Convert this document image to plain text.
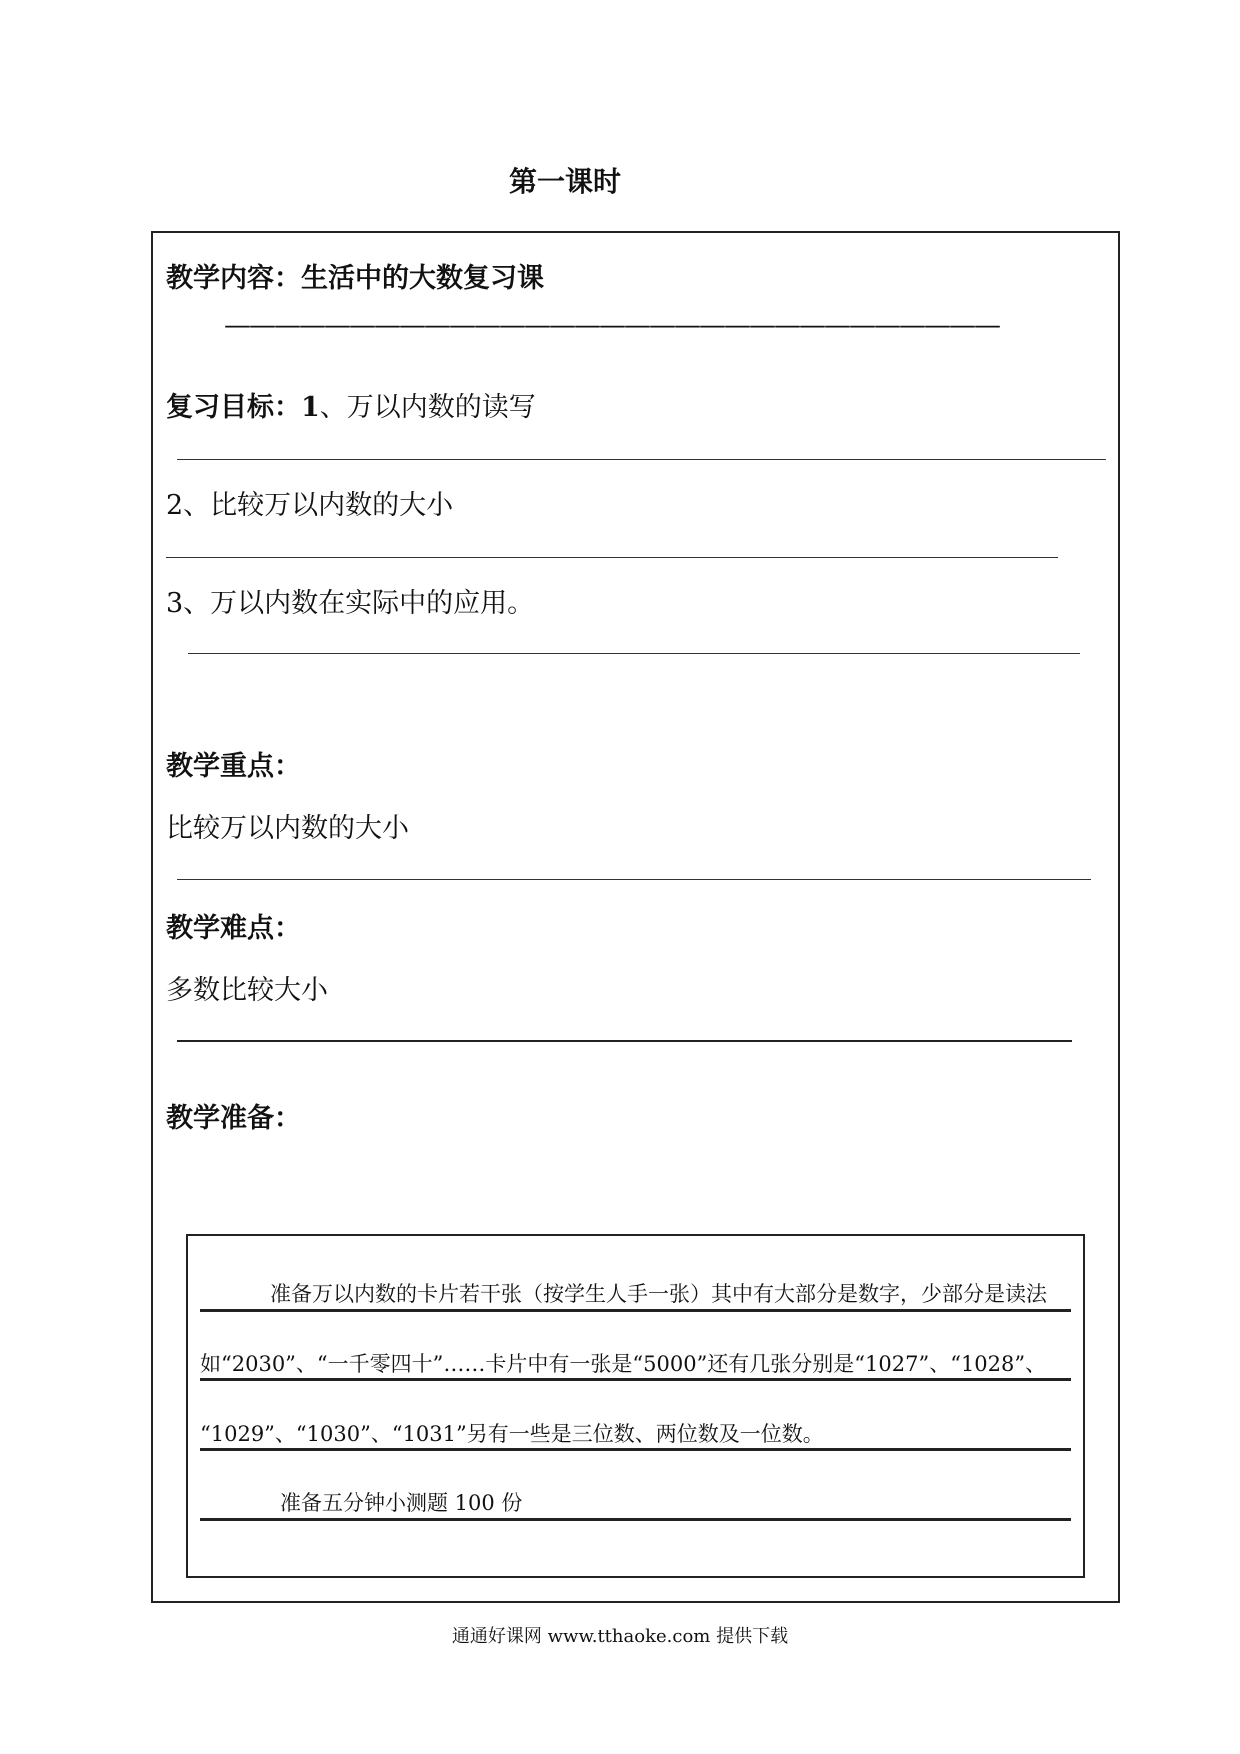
第一课时
教学内容：生活中的大数复习课
———————————————————————————————
复习目标：1、万以内数的读写
2、比较万以内数的大小
3、万以内数在实际中的应用。
教学重点：
比较万以内数的大小
教学难点：
多数比较大小
教学准备：
准备万以内数的卡片若干张（按学生人手一张）其中有大部分是数字，少部分是读法
如“2030”、“一千零四十”……卡片中有一张是“5000”还有几张分别是“1027”、“1028”、
“1029”、“1030”、“1031”另有一些是三位数、两位数及一位数。
准备五分钟小测题 100 份
通通好课网 www.tthaoke.com 提供下载
